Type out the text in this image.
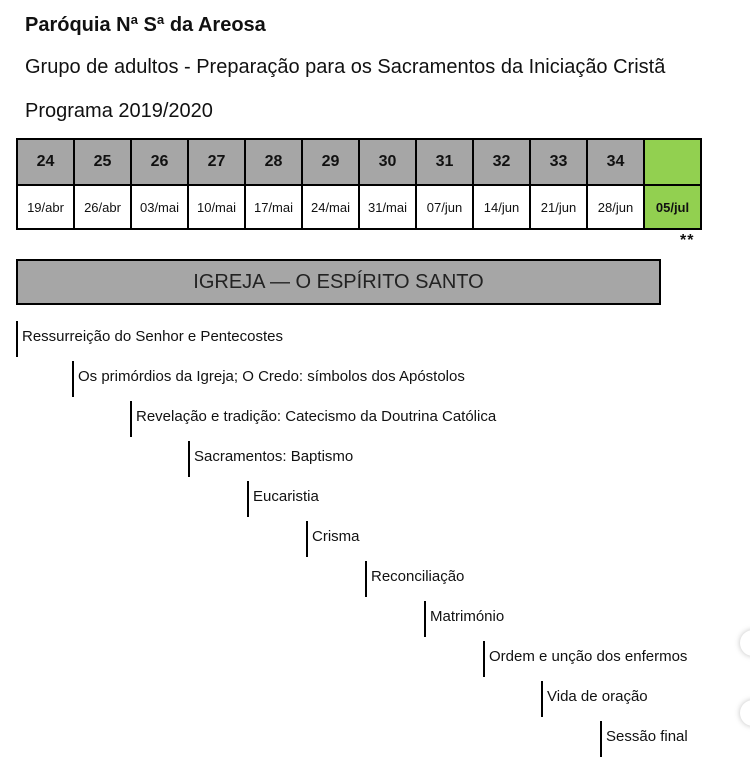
Paróquia Nª Sª da Areosa
Grupo de adultos - Preparação para os Sacramentos da Iniciação Cristã
Programa 2019/2020
24	25	26	27	28	29	30	31	32	33	34	
19/abr	26/abr	03/mai	10/mai	17/mai	24/mai	31/mai	07/jun	14/jun	21/jun	28/jun	05/jul
**
IGREJA — O ESPÍRITO SANTO
Ressurreição do Senhor e Pentecostes
Os primórdios da Igreja; O Credo: símbolos dos Apóstolos
Revelação e tradição: Catecismo da Doutrina Católica
Sacramentos: Baptismo
Eucaristia
Crisma
Reconciliação
Matrimónio
Ordem e unção dos enfermos
Vida de oração
Sessão final
